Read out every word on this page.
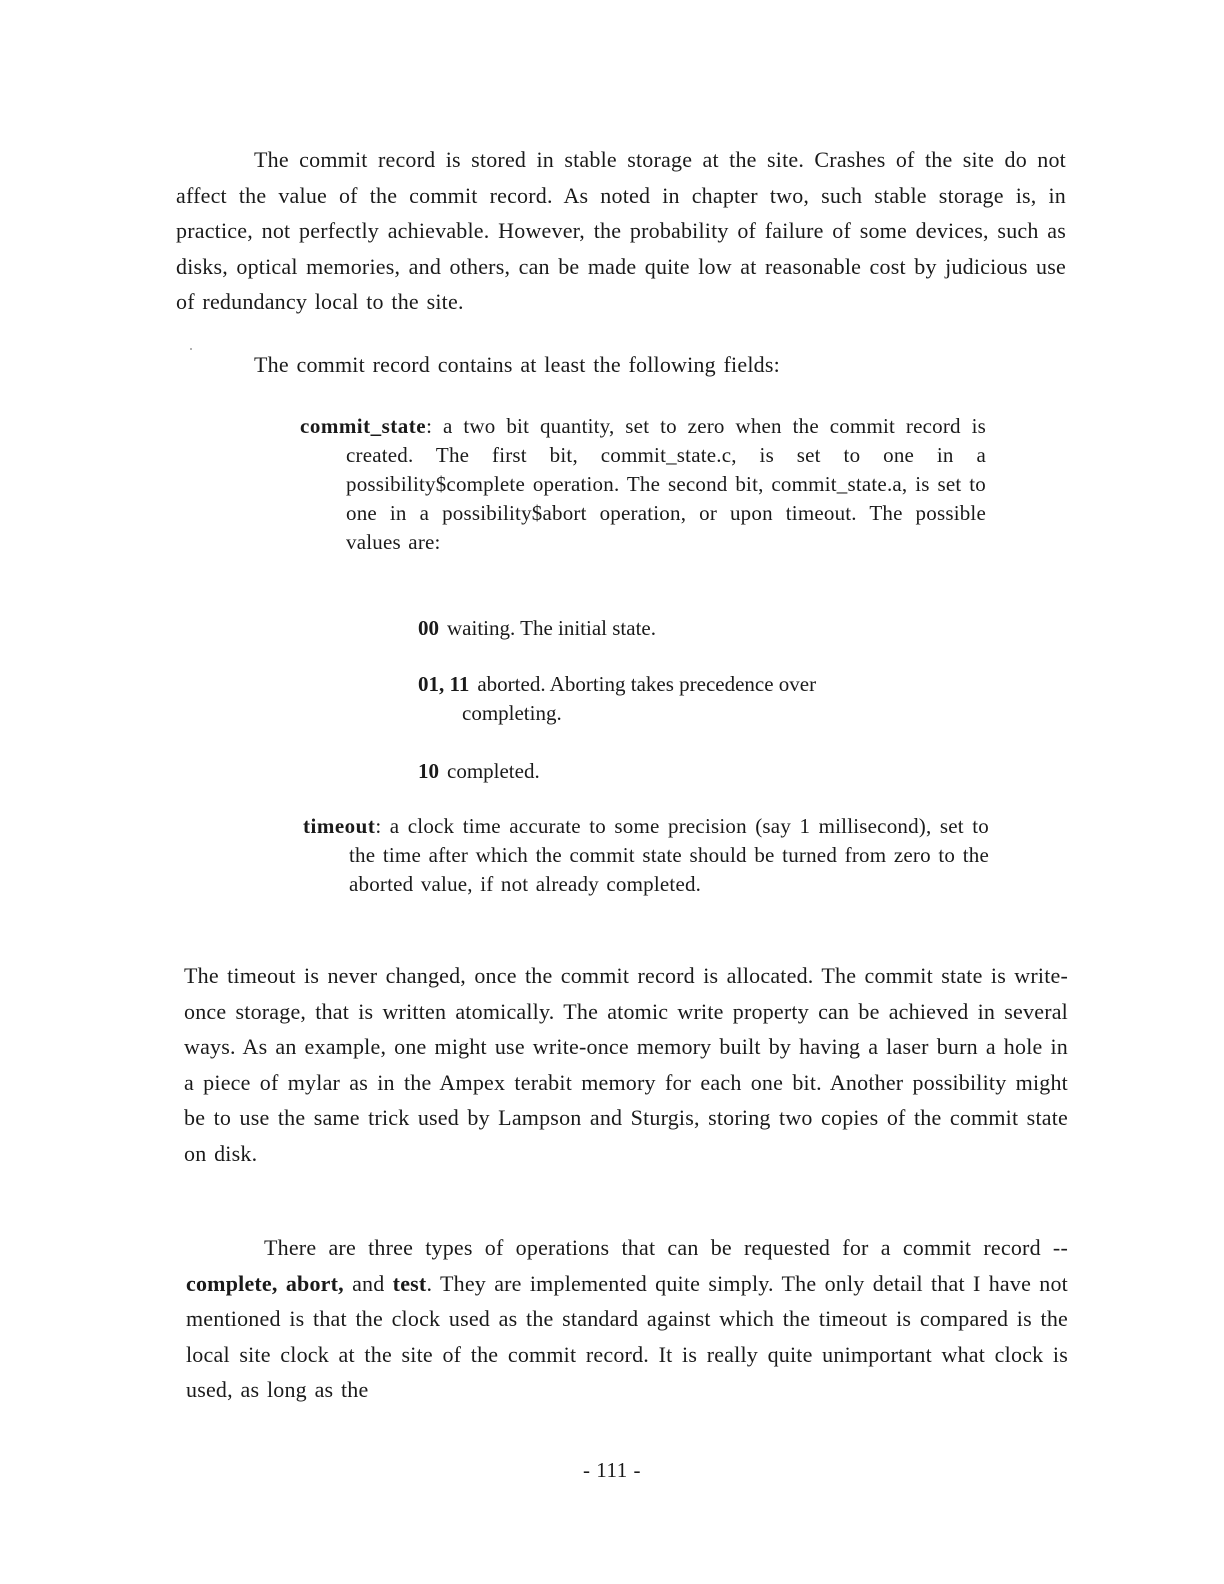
The commit record is stored in stable storage at the site. Crashes of the site do not affect the value of the commit record. As noted in chapter two, such stable storage is, in practice, not perfectly achievable. However, the probability of failure of some devices, such as disks, optical memories, and others, can be made quite low at reasonable cost by judicious use of redundancy local to the site.
The commit record contains at least the following fields:
commit_state: a two bit quantity, set to zero when the commit record is created. The first bit, commit_state.c, is set to one in a possibility$complete operation. The second bit, commit_state.a, is set to one in a possibility$abort operation, or upon timeout. The possible values are:
00 waiting. The initial state.
01, 11 aborted. Aborting takes precedence over completing.
10 completed.
timeout: a clock time accurate to some precision (say 1 millisecond), set to the time after which the commit state should be turned from zero to the aborted value, if not already completed.
The timeout is never changed, once the commit record is allocated. The commit state is write-once storage, that is written atomically. The atomic write property can be achieved in several ways. As an example, one might use write-once memory built by having a laser burn a hole in a piece of mylar as in the Ampex terabit memory for each one bit. Another possibility might be to use the same trick used by Lampson and Sturgis, storing two copies of the commit state on disk.
There are three types of operations that can be requested for a commit record -- complete, abort, and test. They are implemented quite simply. The only detail that I have not mentioned is that the clock used as the standard against which the timeout is compared is the local site clock at the site of the commit record. It is really quite unimportant what clock is used, as long as the
- 111 -
